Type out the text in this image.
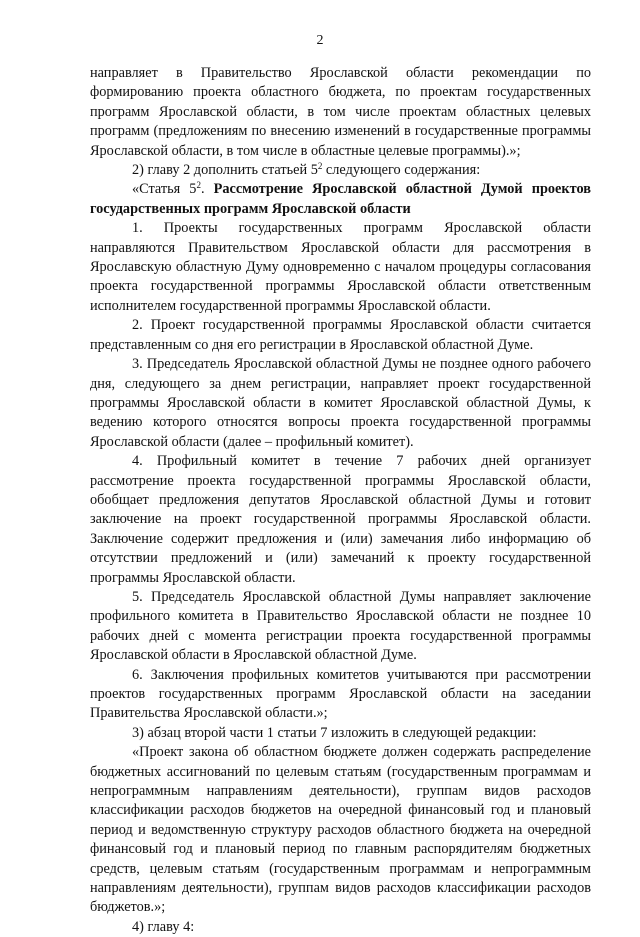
2

направляет в Правительство Ярославской области рекомендации по формированию проекта областного бюджета, по проектам государственных программ Ярославской области, в том числе проектам областных целевых программ (предложениям по внесению изменений в государственные программы Ярославской области, в том числе в областные целевые программы).»;

2) главу 2 дополнить статьей $5^2$ следующего содержания:

«Статья $5^2$. Рассмотрение Ярославской областной Думой проектов государственных программ Ярославской области

1. Проекты государственных программ Ярославской области направляются Правительством Ярославской области для рассмотрения в Ярославскую областную Думу одновременно с началом процедуры согласования проекта государственной программы Ярославской области ответственным исполнителем государственной программы Ярославской области.

2. Проект государственной программы Ярославской области считается представленным со дня его регистрации в Ярославской областной Думе.

3. Председатель Ярославской областной Думы не позднее одного рабочего дня, следующего за днем регистрации, направляет проект государственной программы Ярославской области в комитет Ярославской областной Думы, к ведению которого относятся вопросы проекта государственной программы Ярославской области (далее – профильный комитет).

4. Профильный комитет в течение 7 рабочих дней организует рассмотрение проекта государственной программы Ярославской области, обобщает предложения депутатов Ярославской областной Думы и готовит заключение на проект государственной программы Ярославской области. Заключение содержит предложения и (или) замечания либо информацию об отсутствии предложений и (или) замечаний к проекту государственной программы Ярославской области.

5. Председатель Ярославской областной Думы направляет заключение профильного комитета в Правительство Ярославской области не позднее 10 рабочих дней с момента регистрации проекта государственной программы Ярославской области в Ярославской областной Думе.

6. Заключения профильных комитетов учитываются при рассмотрении проектов государственных программ Ярославской области на заседании Правительства Ярославской области.»;

3) абзац второй части 1 статьи 7 изложить в следующей редакции:

«Проект закона об областном бюджете должен содержать распределение бюджетных ассигнований по целевым статьям (государственным программам и непрограммным направлениям деятельности), группам видов расходов классификации расходов бюджетов на очередной финансовый год и плановый период и ведомственную структуру расходов областного бюджета на очередной финансовый год и плановый период по главным распорядителям бюджетных средств, целевым статьям (государственным программам и непрограммным направлениям деятельности), группам видов расходов классификации расходов бюджетов.»;

4) главу 4:
